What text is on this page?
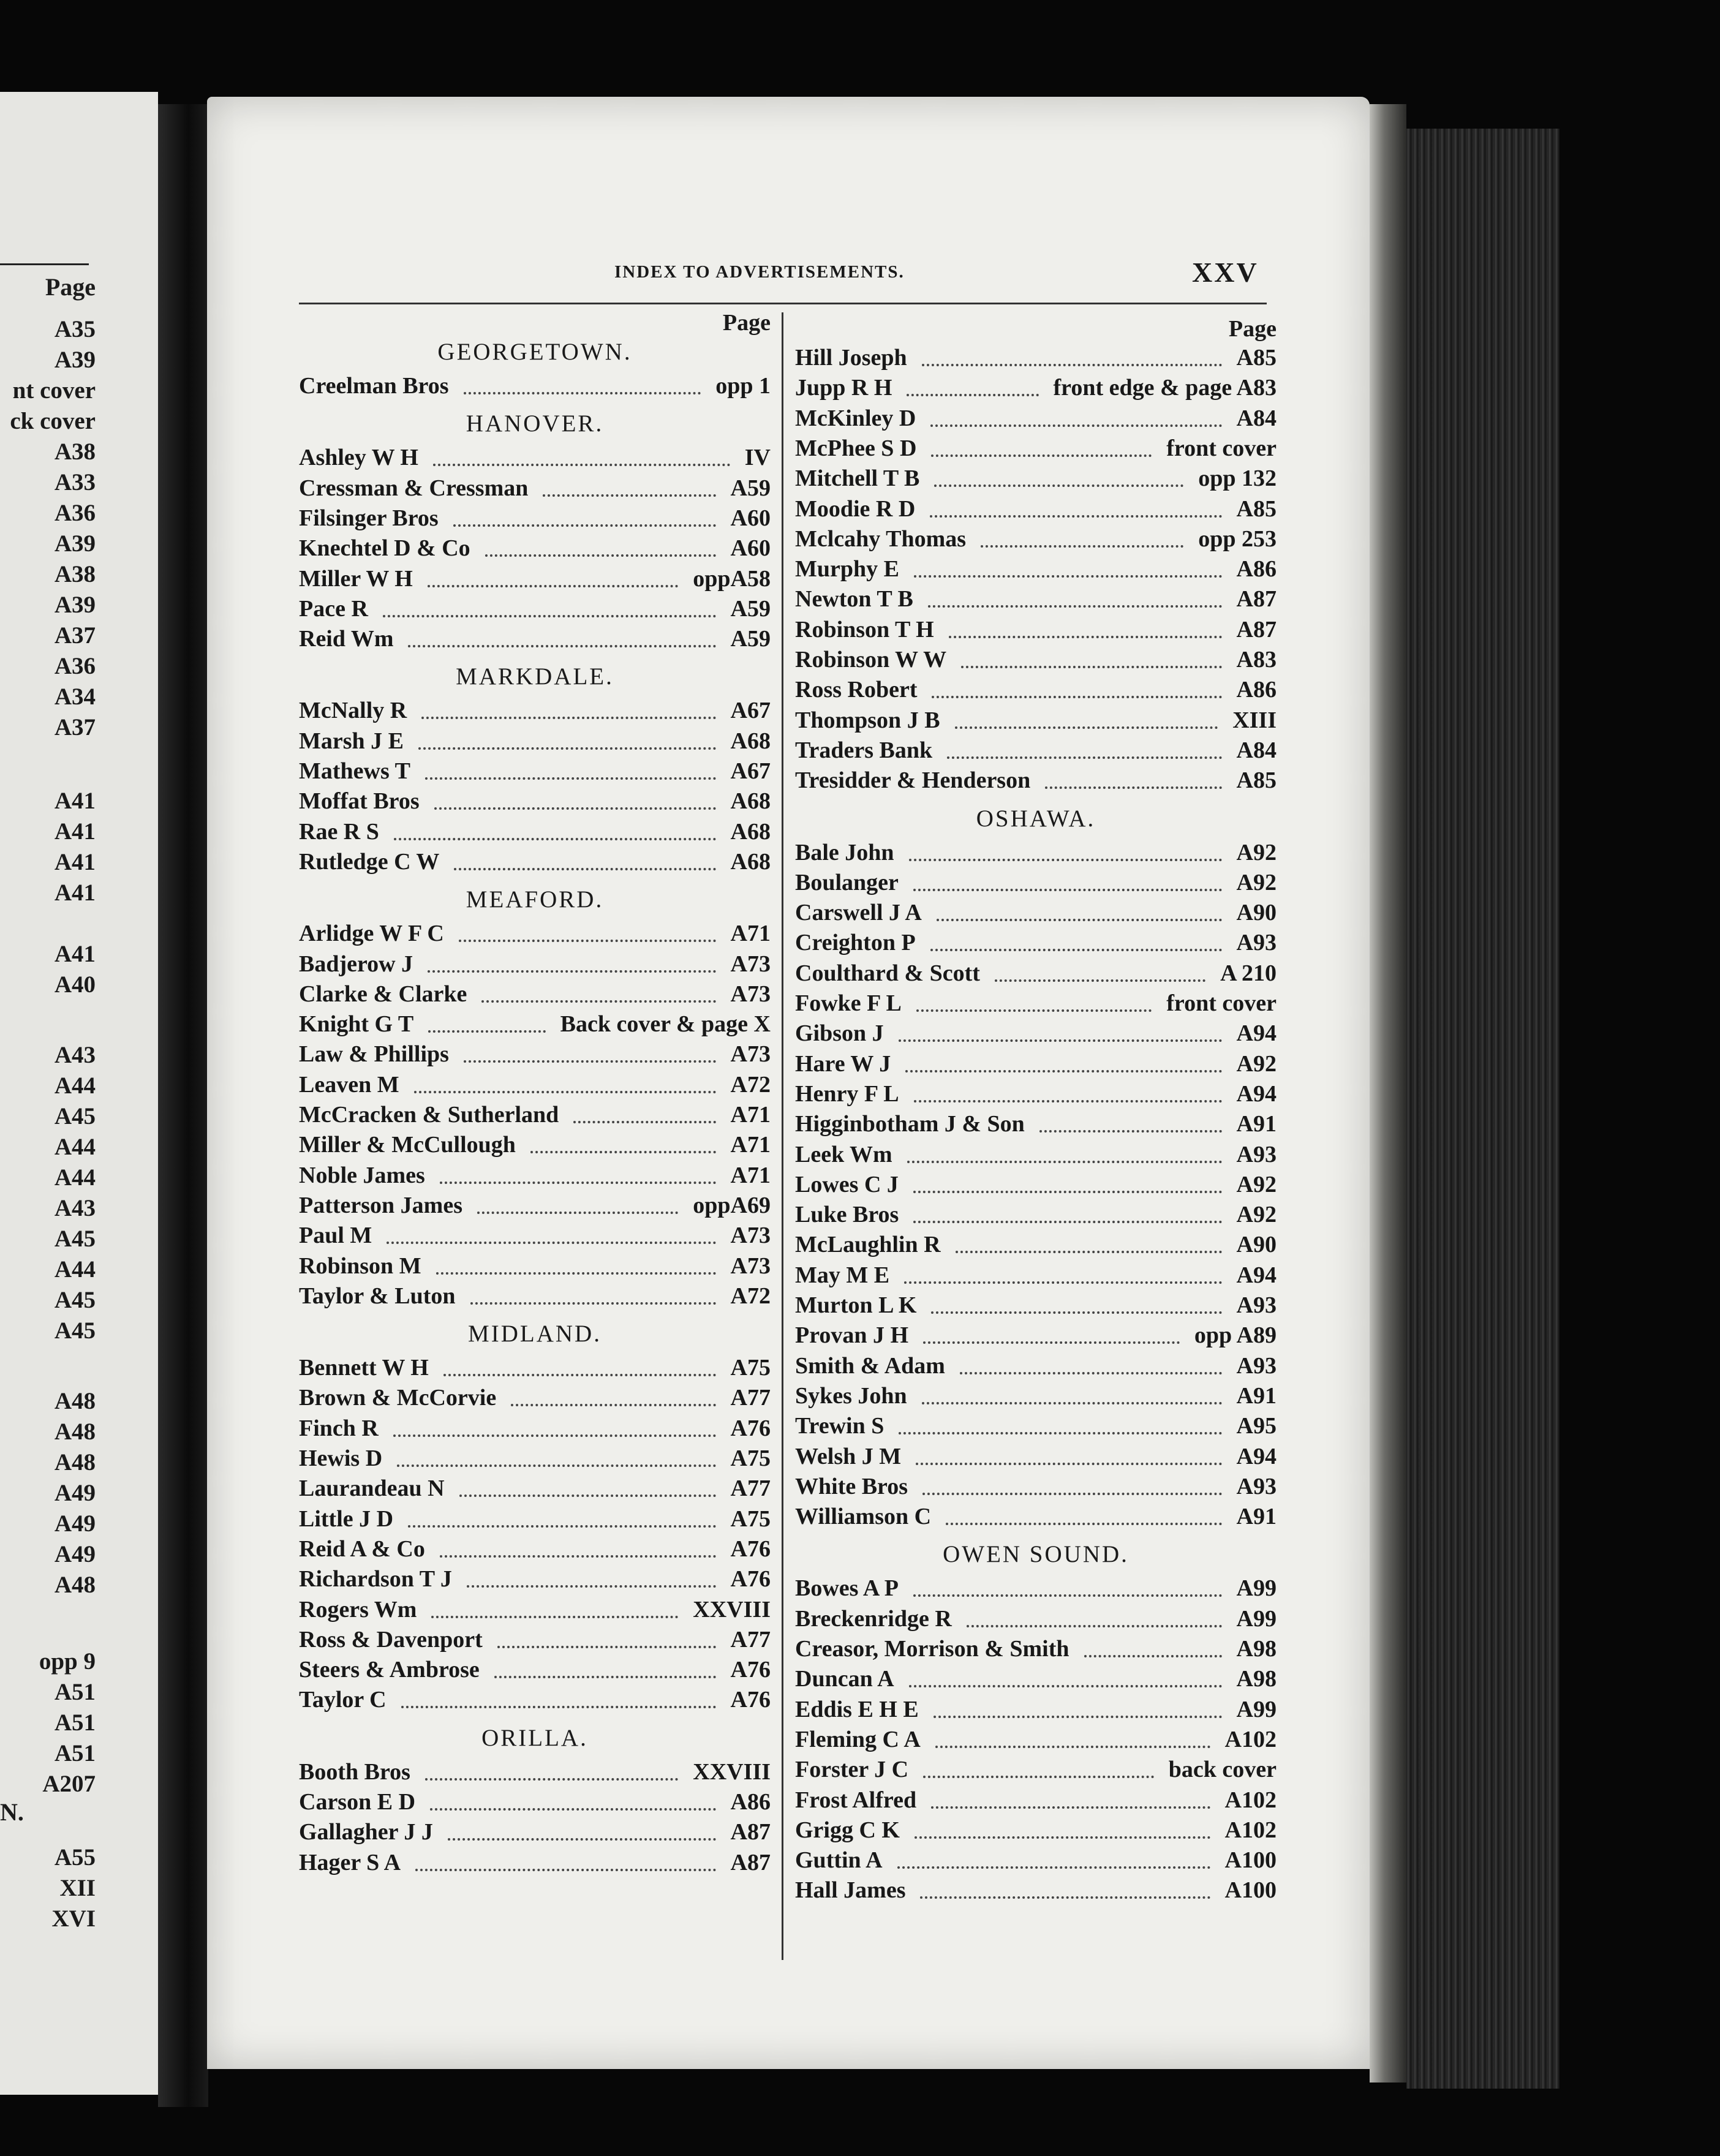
Page
A35
A39
nt cover
ck cover
A38
A33
A36
A39
A38
A39
A37
A36
A34
A37
A41
A41
A41
A41
A41
A40
A43
A44
A45
A44
A44
A43
A45
A44
A45
A45
A48
A48
A48
A49
A49
A49
A48
opp 9
A51
A51
A51
A207
A55
XII
XVI
N.
INDEX TO ADVERTISEMENTS.	XXV
Page
GEORGETOWN.
Creelman Bros	opp 1
HANOVER.
Ashley W H	IV
Cressman & Cressman	A59
Filsinger Bros	A60
Knechtel D & Co	A60
Miller W H	oppA58
Pace R	A59
Reid Wm	A59
MARKDALE.
McNally R	A67
Marsh J E	A68
Mathews T	A67
Moffat Bros	A68
Rae R S	A68
Rutledge C W	A68
MEAFORD.
Arlidge W F C	A71
Badjerow J	A73
Clarke & Clarke	A73
Knight G T	Back cover & page X
Law & Phillips	A73
Leaven M	A72
McCracken & Sutherland	A71
Miller & McCullough	A71
Noble James	A71
Patterson James	oppA69
Paul M	A73
Robinson M	A73
Taylor & Luton	A72
MIDLAND.
Bennett W H	A75
Brown & McCorvie	A77
Finch R	A76
Hewis D	A75
Laurandeau N	A77
Little J D	A75
Reid A & Co	A76
Richardson T J	A76
Rogers Wm	XXVIII
Ross & Davenport	A77
Steers & Ambrose	A76
Taylor C	A76
ORILLA.
Booth Bros	XXVIII
Carson E D	A86
Gallagher J J	A87
Hager S A	A87
Page
Hill Joseph	A85
Jupp R H	front edge & page A83
McKinley D	A84
McPhee S D	front cover
Mitchell T B	opp 132
Moodie R D	A85
Mclcahy Thomas	opp 253
Murphy E	A86
Newton T B	A87
Robinson T H	A87
Robinson W W	A83
Ross Robert	A86
Thompson J B	XIII
Traders Bank	A84
Tresidder & Henderson	A85
OSHAWA.
Bale John	A92
Boulanger	A92
Carswell J A	A90
Creighton P	A93
Coulthard & Scott	A 210
Fowke F L	front cover
Gibson J	A94
Hare W J	A92
Henry F L	A94
Higginbotham J & Son	A91
Leek Wm	A93
Lowes C J	A92
Luke Bros	A92
McLaughlin R	A90
May M E	A94
Murton L K	A93
Provan J H	opp A89
Smith & Adam	A93
Sykes John	A91
Trewin S	A95
Welsh J M	A94
White Bros	A93
Williamson C	A91
OWEN SOUND.
Bowes A P	A99
Breckenridge R	A99
Creasor, Morrison & Smith	A98
Duncan A	A98
Eddis E H E	A99
Fleming C A	A102
Forster J C	back cover
Frost Alfred	A102
Grigg C K	A102
Guttin A	A100
Hall James	A100
